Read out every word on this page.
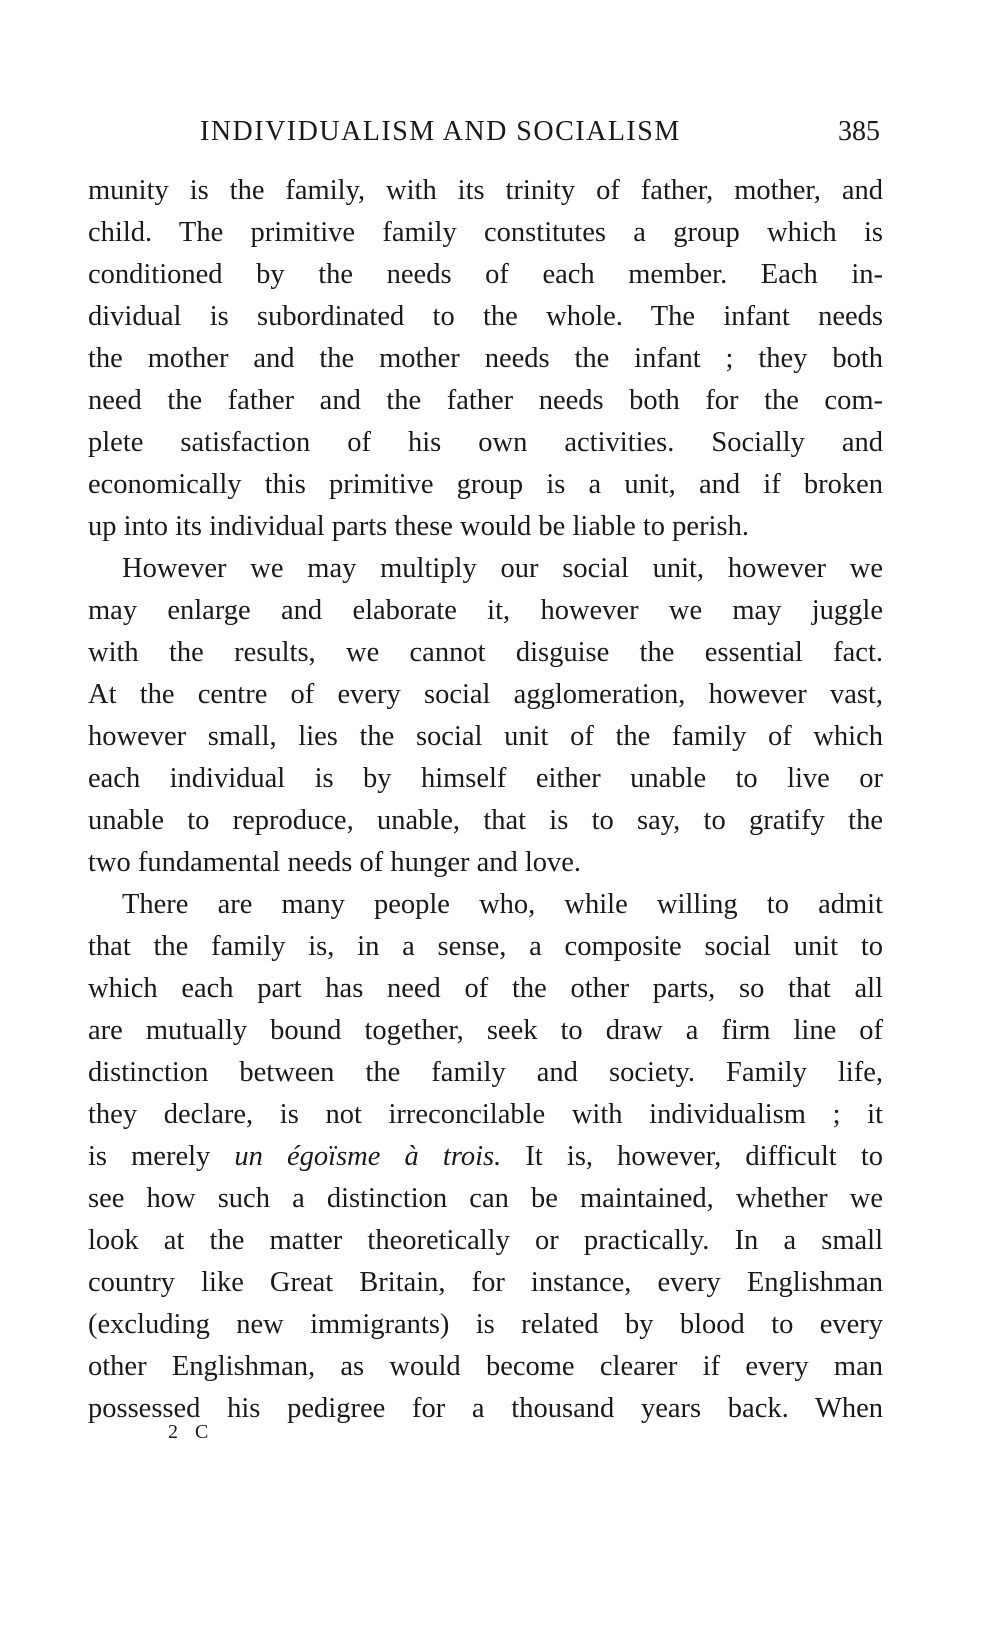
INDIVIDUALISM AND SOCIALISM	385
munity is the family, with its trinity of father, mother, and
child. The primitive family constitutes a group which is
conditioned by the needs of each member. Each in-
dividual is subordinated to the whole. The infant needs
the mother and the mother needs the infant ; they both
need the father and the father needs both for the com-
plete satisfaction of his own activities. Socially and
economically this primitive group is a unit, and if broken
up into its individual parts these would be liable to perish.
However we may multiply our social unit, however we
may enlarge and elaborate it, however we may juggle
with the results, we cannot disguise the essential fact.
At the centre of every social agglomeration, however vast,
however small, lies the social unit of the family of which
each individual is by himself either unable to live or
unable to reproduce, unable, that is to say, to gratify the
two fundamental needs of hunger and love.
There are many people who, while willing to admit
that the family is, in a sense, a composite social unit to
which each part has need of the other parts, so that all
are mutually bound together, seek to draw a firm line of
distinction between the family and society. Family life,
they declare, is not irreconcilable with individualism ; it
is merely un égoïsme à trois. It is, however, difficult to
see how such a distinction can be maintained, whether we
look at the matter theoretically or practically. In a small
country like Great Britain, for instance, every Englishman
(excluding new immigrants) is related by blood to every
other Englishman, as would become clearer if every man
possessed his pedigree for a thousand years back. When
2 C
